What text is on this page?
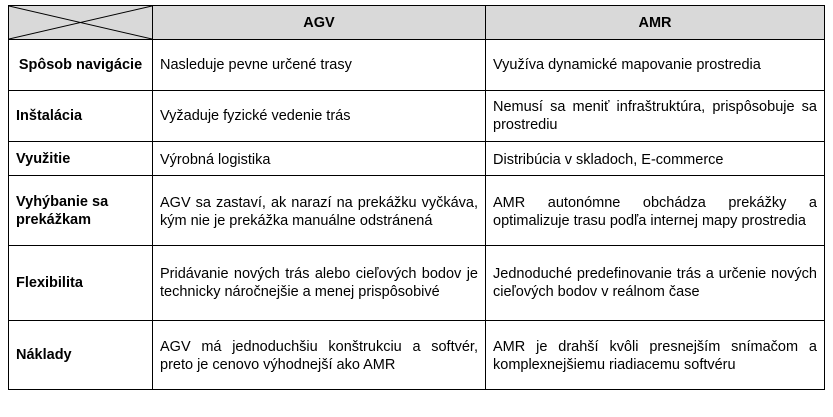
	AGV	AMR
Spôsob navigácie	Nasleduje pevne určené trasy	Využíva dynamické mapovanie prostredia
Inštalácia	Vyžaduje fyzické vedenie trás	Nemusí sa meniť infraštruktúra, prispôsobuje sa prostrediu
Využitie	Výrobná logistika	Distribúcia v skladoch, E-commerce
Vyhýbanie sa prekážkam	AGV sa zastaví, ak narazí na prekážku vyčkáva, kým nie je prekážka manuálne odstránená	AMR autonómne obchádza prekážky a optimalizuje trasu podľa internej mapy prostredia
Flexibilita	Pridávanie nových trás alebo cieľových bodov je technicky náročnejšie a menej prispôsobivé	Jednoduché predefinovanie trás a určenie nových cieľových bodov v reálnom čase
Náklady	AGV má jednoduchšiu konštrukciu a softvér, preto je cenovo výhodnejší ako AMR	AMR je drahší kvôli presnejším snímačom a komplexnejšiemu riadiacemu softvéru
